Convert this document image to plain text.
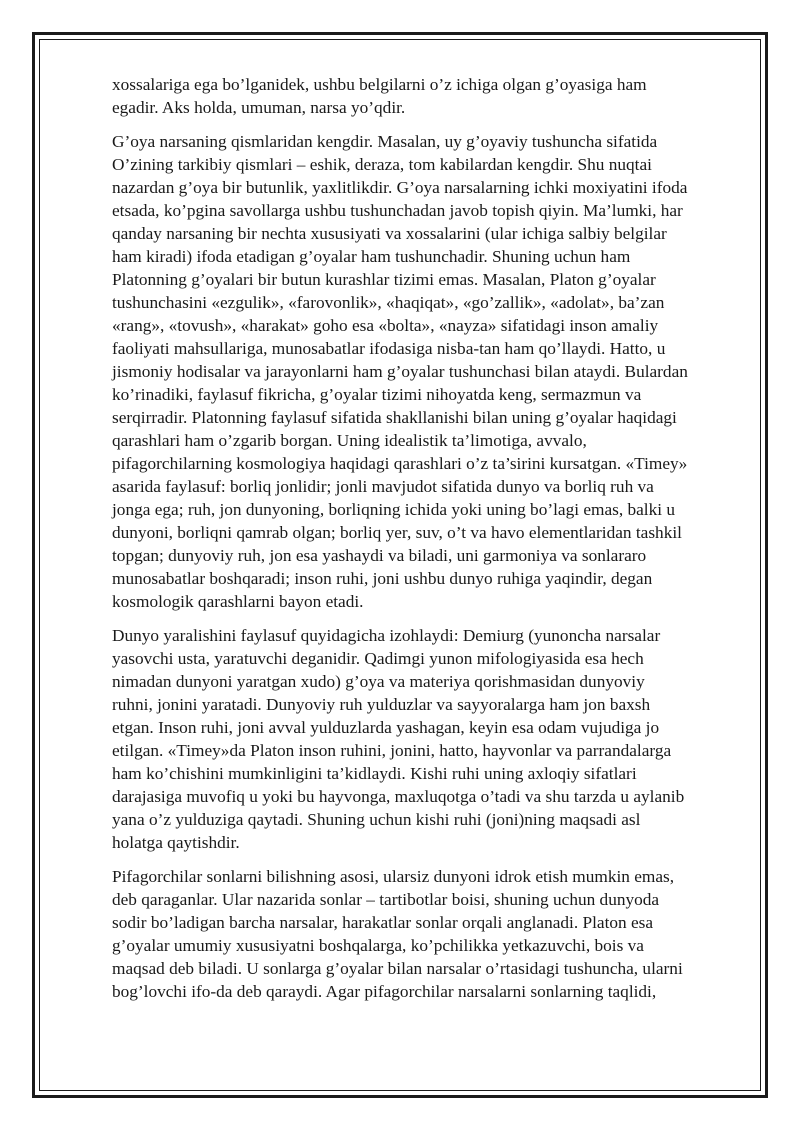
xossalariga ega bo’lganidek, ushbu belgilarni o’z ichiga olgan g’oyasiga ham
egadir. Aks holda, umuman, narsa yo’qdir.

G’oya narsaning qismlaridan kengdir. Masalan, uy g’oyaviy tushuncha sifatida
O’zining tarkibiy qismlari – eshik, deraza, tom kabilardan kengdir. Shu nuqtai
nazardan g’oya bir butunlik, yaxlitlikdir. G’oya narsalarning ichki moxiyatini ifoda
etsada, ko’pgina savollarga ushbu tushunchadan javob topish qiyin. Ma’lumki, har
qanday narsaning bir nechta xususiyati va xossalarini (ular ichiga salbiy belgilar
ham kiradi) ifoda etadigan g’oyalar ham tushunchadir. Shuning uchun ham
Platonning g’oyalari bir butun kurashlar tizimi emas. Masalan, Platon g’oyalar
tushunchasini «ezgulik», «farovonlik», «haqiqat», «go’zallik», «adolat», ba’zan
«rang», «tovush», «harakat» goho esa «bolta», «nayza» sifatidagi inson amaliy
faoliyati mahsullariga, munosabatlar ifodasiga nisba-tan ham qo’llaydi. Hatto, u
jismoniy hodisalar va jarayonlarni ham g’oyalar tushunchasi bilan ataydi. Bulardan
ko’rinadiki, faylasuf fikricha, g’oyalar tizimi nihoyatda keng, sermazmun va
serqirradir. Platonning faylasuf sifatida shakllanishi bilan uning g’oyalar haqidagi
qarashlari ham o’zgarib borgan. Uning idealistik ta’limotiga, avvalo,
pifagorchilarning kosmologiya haqidagi qarashlari o’z ta’sirini kursatgan. «Timey»
asarida faylasuf: borliq jonlidir; jonli mavjudot sifatida dunyo va borliq ruh va
jonga ega; ruh, jon dunyoning, borliqning ichida yoki uning bo’lagi emas, balki u
dunyoni, borliqni qamrab olgan; borliq yer, suv, o’t va havo elementlaridan tashkil
topgan; dunyoviy ruh, jon esa yashaydi va biladi, uni garmoniya va sonlararo
munosabatlar boshqaradi; inson ruhi, joni ushbu dunyo ruhiga yaqindir, degan
kosmologik qarashlarni bayon etadi.

Dunyo yaralishini faylasuf quyidagicha izohlaydi: Demiurg (yunoncha narsalar
yasovchi usta, yaratuvchi deganidir. Qadimgi yunon mifologiyasida esa hech
nimadan dunyoni yaratgan xudo) g’oya va materiya qorishmasidan dunyoviy
ruhni, jonini yaratadi. Dunyoviy ruh yulduzlar va sayyoralarga ham jon baxsh
etgan. Inson ruhi, joni avval yulduzlarda yashagan, keyin esa odam vujudiga jo
etilgan. «Timey»da Platon inson ruhini, jonini, hatto, hayvonlar va parrandalarga
ham ko’chishini mumkinligini ta’kidlaydi. Kishi ruhi uning axloqiy sifatlari
darajasiga muvofiq u yoki bu hayvonga, maxluqotga o’tadi va shu tarzda u aylanib
yana o’z yulduziga qaytadi. Shuning uchun kishi ruhi (joni)ning maqsadi asl
holatga qaytishdir.

Pifagorchilar sonlarni bilishning asosi, ularsiz dunyoni idrok etish mumkin emas,
deb qaraganlar. Ular nazarida sonlar – tartibotlar boisi, shuning uchun dunyoda
sodir bo’ladigan barcha narsalar, harakatlar sonlar orqali anglanadi. Platon esa
g’oyalar umumiy xususiyatni boshqalarga, ko’pchilikka yetkazuvchi, bois va
maqsad deb biladi. U sonlarga g’oyalar bilan narsalar o’rtasidagi tushuncha, ularni
bog’lovchi ifo-da deb qaraydi. Agar pifagorchilar narsalarni sonlarning taqlidi,
